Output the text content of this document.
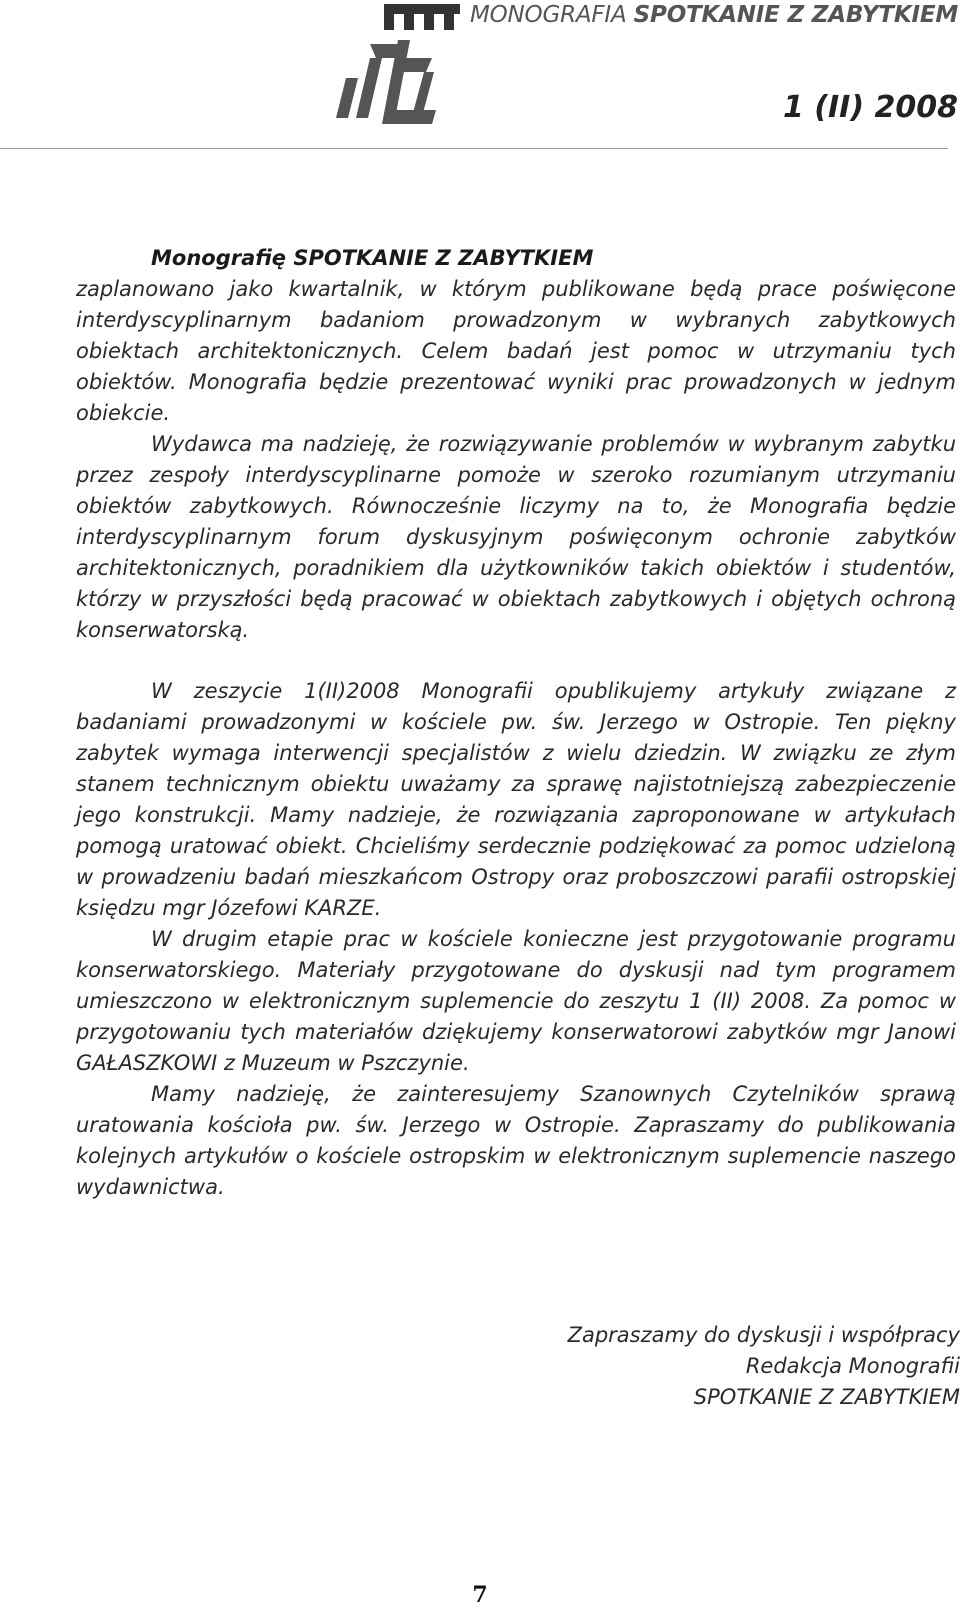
MONOGRAFIA SPOTKANIE Z ZABYTKIEM
1 (II) 2008

Monografię SPOTKANIE Z ZABYTKIEM

zaplanowano jako kwartalnik, w którym publikowane będą prace poświęcone interdyscyplinarnym badaniom prowadzonym w wybranych zabytkowych obiektach architektonicznych. Celem badań jest pomoc w utrzymaniu tych obiektów. Monografia będzie prezentować wyniki prac prowadzonych w jednym obiekcie.

Wydawca ma nadzieję, że rozwiązywanie problemów w wybranym zabytku przez zespoły interdyscyplinarne pomoże w szeroko rozumianym utrzymaniu obiektów zabytkowych. Równocześnie liczymy na to, że Monografia będzie interdyscyplinarnym forum dyskusyjnym poświęconym ochronie zabytków architektonicznych, poradnikiem dla użytkowników takich obiektów i studentów, którzy w przyszłości będą pracować w obiektach zabytkowych i objętych ochroną konserwatorską.

W zeszycie 1(II)2008 Monografii opublikujemy artykuły związane z badaniami prowadzonymi w kościele pw. św. Jerzego w Ostropie. Ten piękny zabytek wymaga interwencji specjalistów z wielu dziedzin. W związku ze złym stanem technicznym obiektu uważamy za sprawę najistotniejszą zabezpieczenie jego konstrukcji. Mamy nadzieje, że rozwiązania zaproponowane w artykułach pomogą uratować obiekt. Chcieliśmy serdecznie podziękować za pomoc udzieloną w prowadzeniu badań mieszkańcom Ostropy oraz proboszczowi parafii ostropskiej księdzu mgr Józefowi KARZE.

W drugim etapie prac w kościele konieczne jest przygotowanie programu konserwatorskiego. Materiały przygotowane do dyskusji nad tym programem umieszczono w elektronicznym suplemencie do zeszytu 1 (II) 2008. Za pomoc w przygotowaniu tych materiałów dziękujemy konserwatorowi zabytków mgr Janowi GAŁASZKOWI z Muzeum w Pszczynie.

Mamy nadzieję, że zainteresujemy Szanownych Czytelników sprawą uratowania kościoła pw. św. Jerzego w Ostropie. Zapraszamy do publikowania kolejnych artykułów o kościele ostropskim w elektronicznym suplemencie naszego wydawnictwa.

Zapraszamy do dyskusji i współpracy
Redakcja Monografii
SPOTKANIE Z ZABYTKIEM
7
